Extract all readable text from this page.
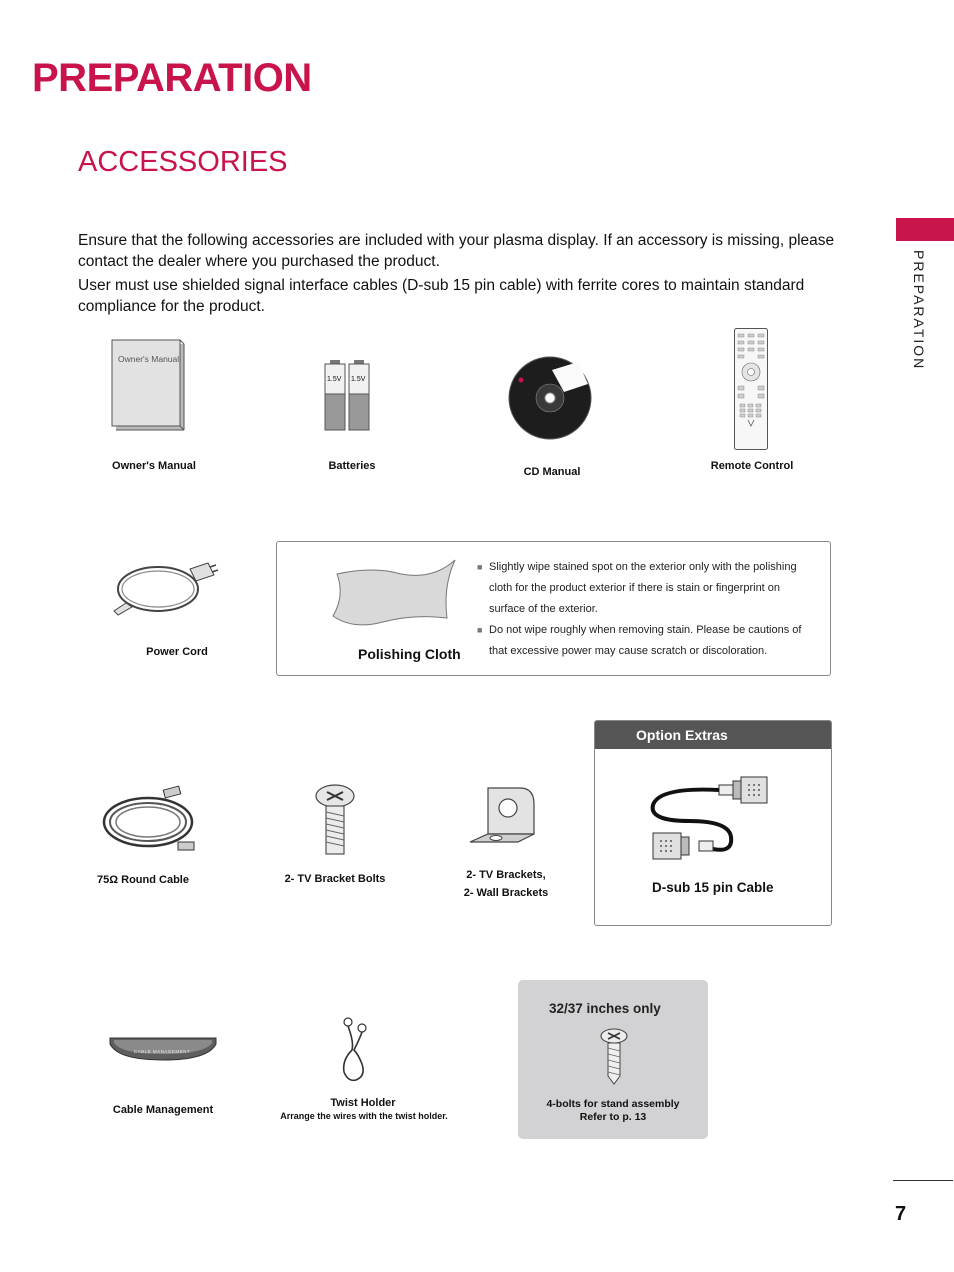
PREPARATION
ACCESSORIES
PREPARATION
Ensure that the following accessories are included with your plasma display. If an accessory is missing, please contact the dealer where you purchased the product.
User must use shielded signal interface cables (D-sub 15 pin cable) with ferrite cores to maintain standard compliance for the product.
Owner's Manual
Owner's Manual
1.5V 1.5V
Batteries	CD Manual	Remote Control
Power Cord	Polishing Cloth
■ Slightly wipe stained spot on the exterior only with the polishing cloth for the product exterior if there is stain or fingerprint on surface of the exterior.
■ Do not wipe roughly when removing stain. Please be cautions of that excessive power may cause scratch or discoloration.
75Ω Round Cable	2- TV Bracket Bolts	2- TV Brackets,
2- Wall Brackets
Option Extras
D-sub 15 pin Cable
CABLE MANAGEMENT
Cable Management
Twist Holder
Arrange the wires with the twist holder.
32/37 inches only
4-bolts for stand assembly
Refer to p. 13
7
